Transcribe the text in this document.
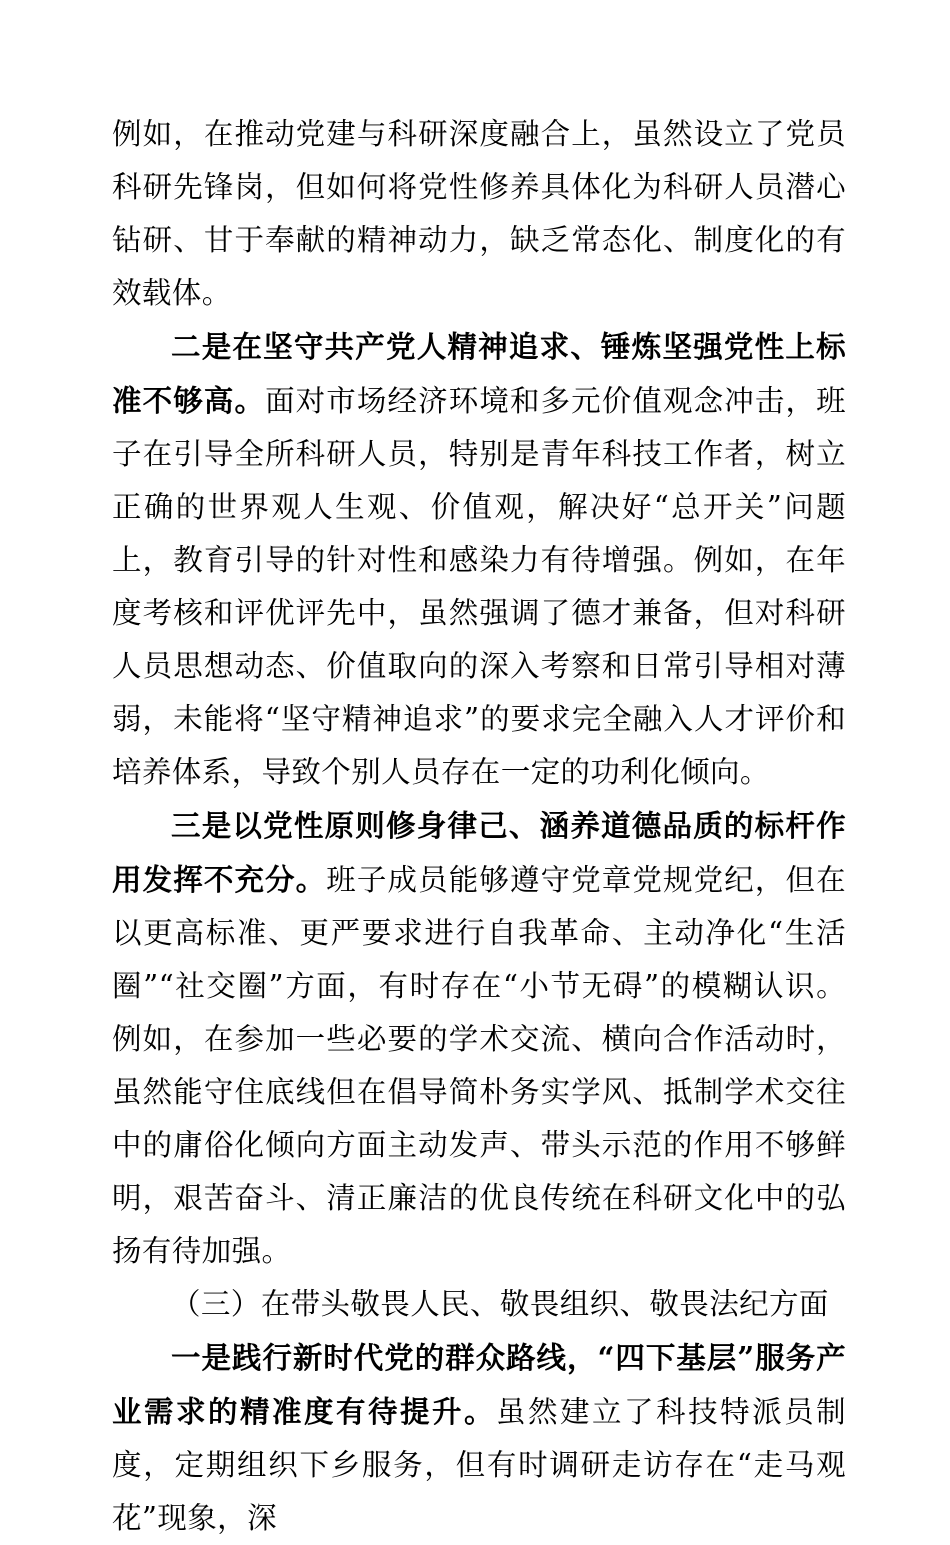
例如，在推动党建与科研深度融合上，虽然设立了党员科研先锋岗，但如何将党性修养具体化为科研人员潜心钻研、甘于奉献的精神动力，缺乏常态化、制度化的有效载体。

二是在坚守共产党人精神追求、锤炼坚强党性上标准不够高。面对市场经济环境和多元价值观念冲击，班子在引导全所科研人员，特别是青年科技工作者，树立正确的世界观人生观、价值观，解决好“总开关”问题上，教育引导的针对性和感染力有待增强。例如，在年度考核和评优评先中，虽然强调了德才兼备，但对科研人员思想动态、价值取向的深入考察和日常引导相对薄弱，未能将“坚守精神追求”的要求完全融入人才评价和培养体系，导致个别人员存在一定的功利化倾向。

三是以党性原则修身律己、涵养道德品质的标杆作用发挥不充分。班子成员能够遵守党章党规党纪，但在以更高标准、更严要求进行自我革命、主动净化“生活圈”“社交圈”方面，有时存在“小节无碍”的模糊认识。例如，在参加一些必要的学术交流、横向合作活动时，虽然能守住底线但在倡导简朴务实学风、抵制学术交往中的庸俗化倾向方面主动发声、带头示范的作用不够鲜明，艰苦奋斗、清正廉洁的优良传统在科研文化中的弘扬有待加强。

（三）在带头敬畏人民、敬畏组织、敬畏法纪方面

一是践行新时代党的群众路线，“四下基层”服务产业需求的精准度有待提升。虽然建立了科技特派员制度，定期组织下乡服务，但有时调研走访存在“走马观花”现象，深
